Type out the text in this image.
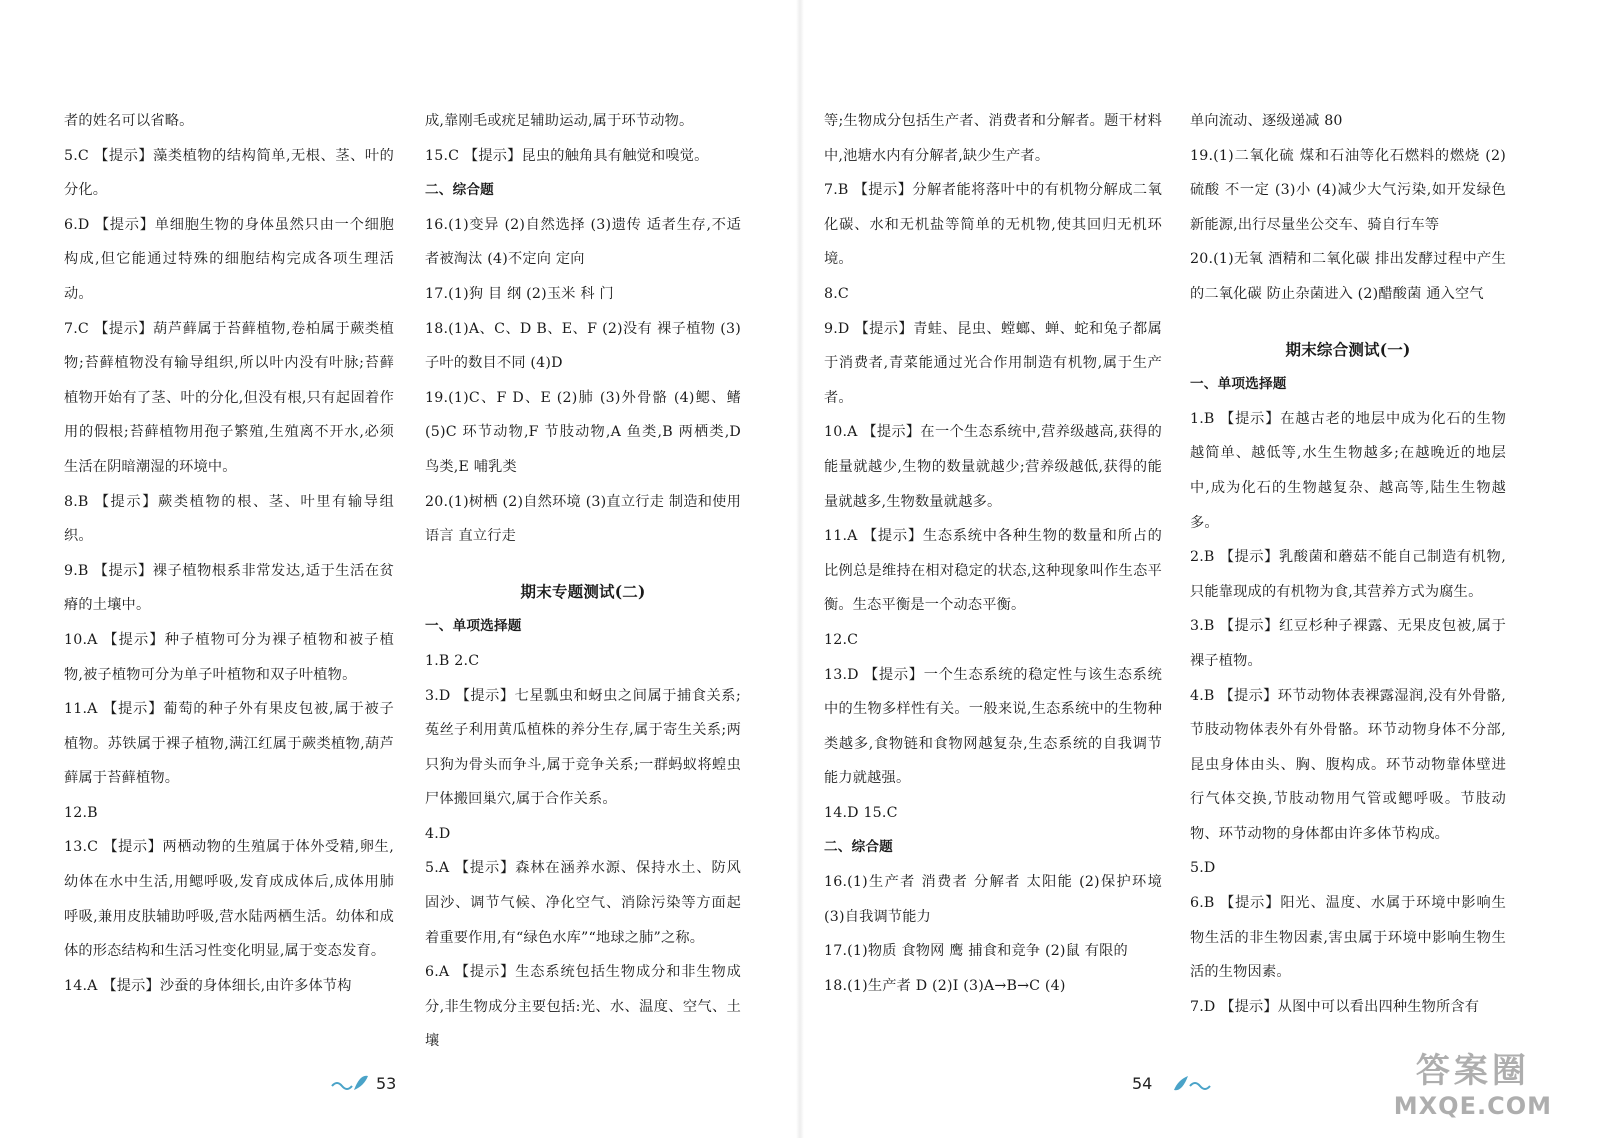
者的姓名可以省略。

5.C 【提示】藻类植物的结构简单,无根、茎、叶的分化。

6.D 【提示】单细胞生物的身体虽然只由一个细胞构成,但它能通过特殊的细胞结构完成各项生理活动。

7.C 【提示】葫芦藓属于苔藓植物,卷柏属于蕨类植物;苔藓植物没有输导组织,所以叶内没有叶脉;苔藓植物开始有了茎、叶的分化,但没有根,只有起固着作用的假根;苔藓植物用孢子繁殖,生殖离不开水,必须生活在阴暗潮湿的环境中。

8.B 【提示】蕨类植物的根、茎、叶里有输导组织。

9.B 【提示】裸子植物根系非常发达,适于生活在贫瘠的土壤中。

10.A 【提示】种子植物可分为裸子植物和被子植物,被子植物可分为单子叶植物和双子叶植物。

11.A 【提示】葡萄的种子外有果皮包被,属于被子植物。苏铁属于裸子植物,满江红属于蕨类植物,葫芦藓属于苔藓植物。

12.B

13.C 【提示】两栖动物的生殖属于体外受精,卵生,幼体在水中生活,用鳃呼吸,发育成成体后,成体用肺呼吸,兼用皮肤辅助呼吸,营水陆两栖生活。幼体和成体的形态结构和生活习性变化明显,属于变态发育。

14.A 【提示】沙蚕的身体细长,由许多体节构

成,靠刚毛或疣足辅助运动,属于环节动物。

15.C 【提示】昆虫的触角具有触觉和嗅觉。

二、综合题

16.(1)变异 (2)自然选择 (3)遗传 适者生存,不适者被淘汰 (4)不定向 定向

17.(1)狗 目 纲 (2)玉米 科 门

18.(1)A、C、D B、E、F (2)没有 裸子植物 (3)子叶的数目不同 (4)D

19.(1)C、F D、E (2)肺 (3)外骨骼 (4)鳃、鳍 (5)C 环节动物,F 节肢动物,A 鱼类,B 两栖类,D 鸟类,E 哺乳类

20.(1)树栖 (2)自然环境 (3)直立行走 制造和使用 语言 直立行走

期末专题测试(二)

一、单项选择题

1.B 2.C

3.D 【提示】七星瓢虫和蚜虫之间属于捕食关系;菟丝子利用黄瓜植株的养分生存,属于寄生关系;两只狗为骨头而争斗,属于竞争关系;一群蚂蚁将蝗虫尸体搬回巢穴,属于合作关系。

4.D

5.A 【提示】森林在涵养水源、保持水土、防风固沙、调节气候、净化空气、消除污染等方面起着重要作用,有“绿色水库”“地球之肺”之称。

6.A 【提示】生态系统包括生物成分和非生物成分,非生物成分主要包括:光、水、温度、空气、土壤

等;生物成分包括生产者、消费者和分解者。题干材料中,池塘水内有分解者,缺少生产者。

7.B 【提示】分解者能将落叶中的有机物分解成二氧化碳、水和无机盐等简单的无机物,使其回归无机环境。

8.C

9.D 【提示】青蛙、昆虫、螳螂、蝉、蛇和兔子都属于消费者,青菜能通过光合作用制造有机物,属于生产者。

10.A 【提示】在一个生态系统中,营养级越高,获得的能量就越少,生物的数量就越少;营养级越低,获得的能量就越多,生物数量就越多。

11.A 【提示】生态系统中各种生物的数量和所占的比例总是维持在相对稳定的状态,这种现象叫作生态平衡。生态平衡是一个动态平衡。

12.C

13.D 【提示】一个生态系统的稳定性与该生态系统中的生物多样性有关。一般来说,生态系统中的生物种类越多,食物链和食物网越复杂,生态系统的自我调节能力就越强。

14.D 15.C

二、综合题

16.(1)生产者 消费者 分解者 太阳能 (2)保护环境 (3)自我调节能力

17.(1)物质 食物网 鹰 捕食和竞争 (2)鼠 有限的

18.(1)生产者 D (2)Ⅰ (3)A→B→C (4)

单向流动、逐级递减 80

19.(1)二氧化硫 煤和石油等化石燃料的燃烧 (2)硫酸 不一定 (3)小 (4)减少大气污染,如开发绿色新能源,出行尽量坐公交车、骑自行车等

20.(1)无氧 酒精和二氧化碳 排出发酵过程中产生的二氧化碳 防止杂菌进入 (2)醋酸菌 通入空气

期末综合测试(一)

一、单项选择题

1.B 【提示】在越古老的地层中成为化石的生物越简单、越低等,水生生物越多;在越晚近的地层中,成为化石的生物越复杂、越高等,陆生生物越多。

2.B 【提示】乳酸菌和蘑菇不能自己制造有机物,只能靠现成的有机物为食,其营养方式为腐生。

3.B 【提示】红豆杉种子裸露、无果皮包被,属于裸子植物。

4.B 【提示】环节动物体表裸露湿润,没有外骨骼,节肢动物体表外有外骨骼。环节动物身体不分部,昆虫身体由头、胸、腹构成。环节动物靠体壁进行气体交换,节肢动物用气管或鳃呼吸。节肢动物、环节动物的身体都由许多体节构成。

5.D

6.B 【提示】阳光、温度、水属于环境中影响生物生活的非生物因素,害虫属于环境中影响生物生活的生物因素。

7.D 【提示】从图中可以看出四种生物所含有

53	54	答案圈
MXQE.COM
